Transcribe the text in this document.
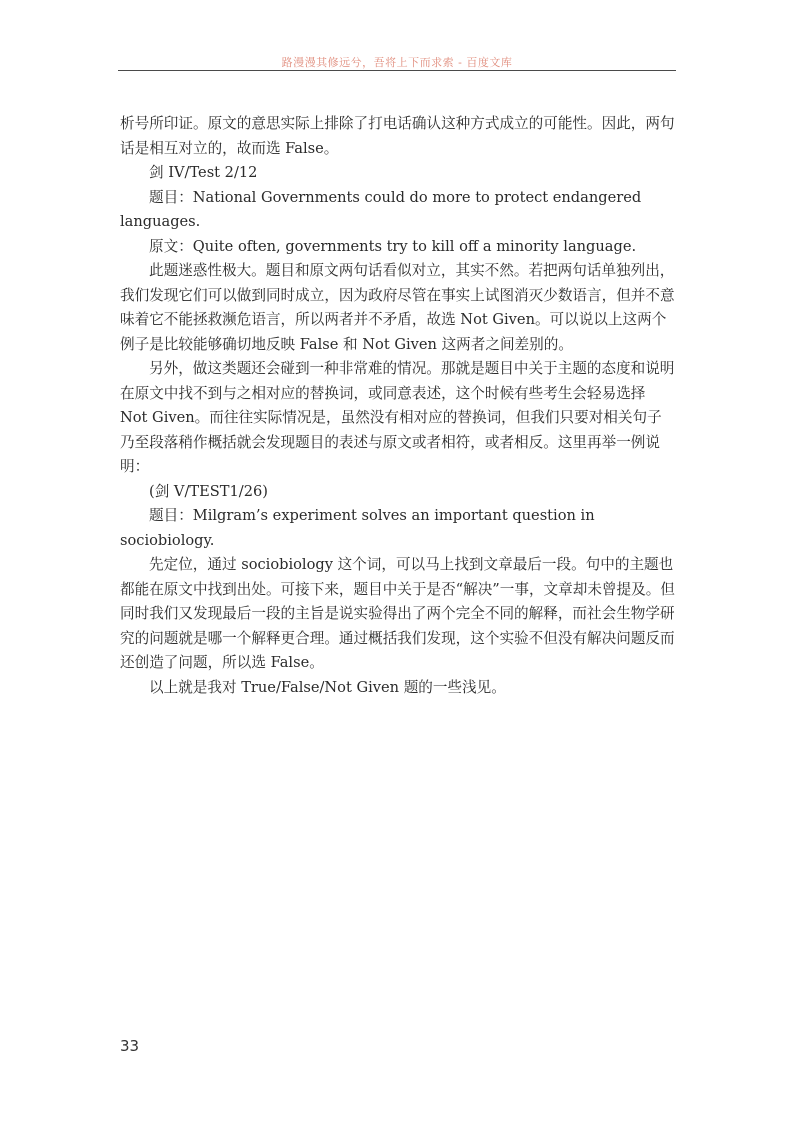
路漫漫其修远兮，吾将上下而求索 - 百度文库

析号所印证。原文的意思实际上排除了打电话确认这种方式成立的可能性。因此，两句话是相互对立的，故而选 False。

剑 IV/Test 2/12

题目：National Governments could do more to protect endangered languages.

原文：Quite often, governments try to kill off a minority language.

此题迷惑性极大。题目和原文两句话看似对立，其实不然。若把两句话单独列出，我们发现它们可以做到同时成立，因为政府尽管在事实上试图消灭少数语言，但并不意味着它不能拯救濒危语言，所以两者并不矛盾，故选 Not Given。可以说以上这两个例子是比较能够确切地反映 False 和 Not Given 这两者之间差别的。

另外，做这类题还会碰到一种非常难的情况。那就是题目中关于主题的态度和说明在原文中找不到与之相对应的替换词，或同意表述，这个时候有些考生会轻易选择 Not Given。而往往实际情况是，虽然没有相对应的替换词，但我们只要对相关句子乃至段落稍作概括就会发现题目的表述与原文或者相符，或者相反。这里再举一例说明：

(剑 V/TEST1/26)

题目：Milgram’s experiment solves an important question in sociobiology.

先定位，通过 sociobiology 这个词，可以马上找到文章最后一段。句中的主题也都能在原文中找到出处。可接下来，题目中关于是否“解决”一事，文章却未曾提及。但同时我们又发现最后一段的主旨是说实验得出了两个完全不同的解释，而社会生物学研究的问题就是哪一个解释更合理。通过概括我们发现，这个实验不但没有解决问题反而还创造了问题，所以选 False。

以上就是我对 True/False/Not Given 题的一些浅见。

33
